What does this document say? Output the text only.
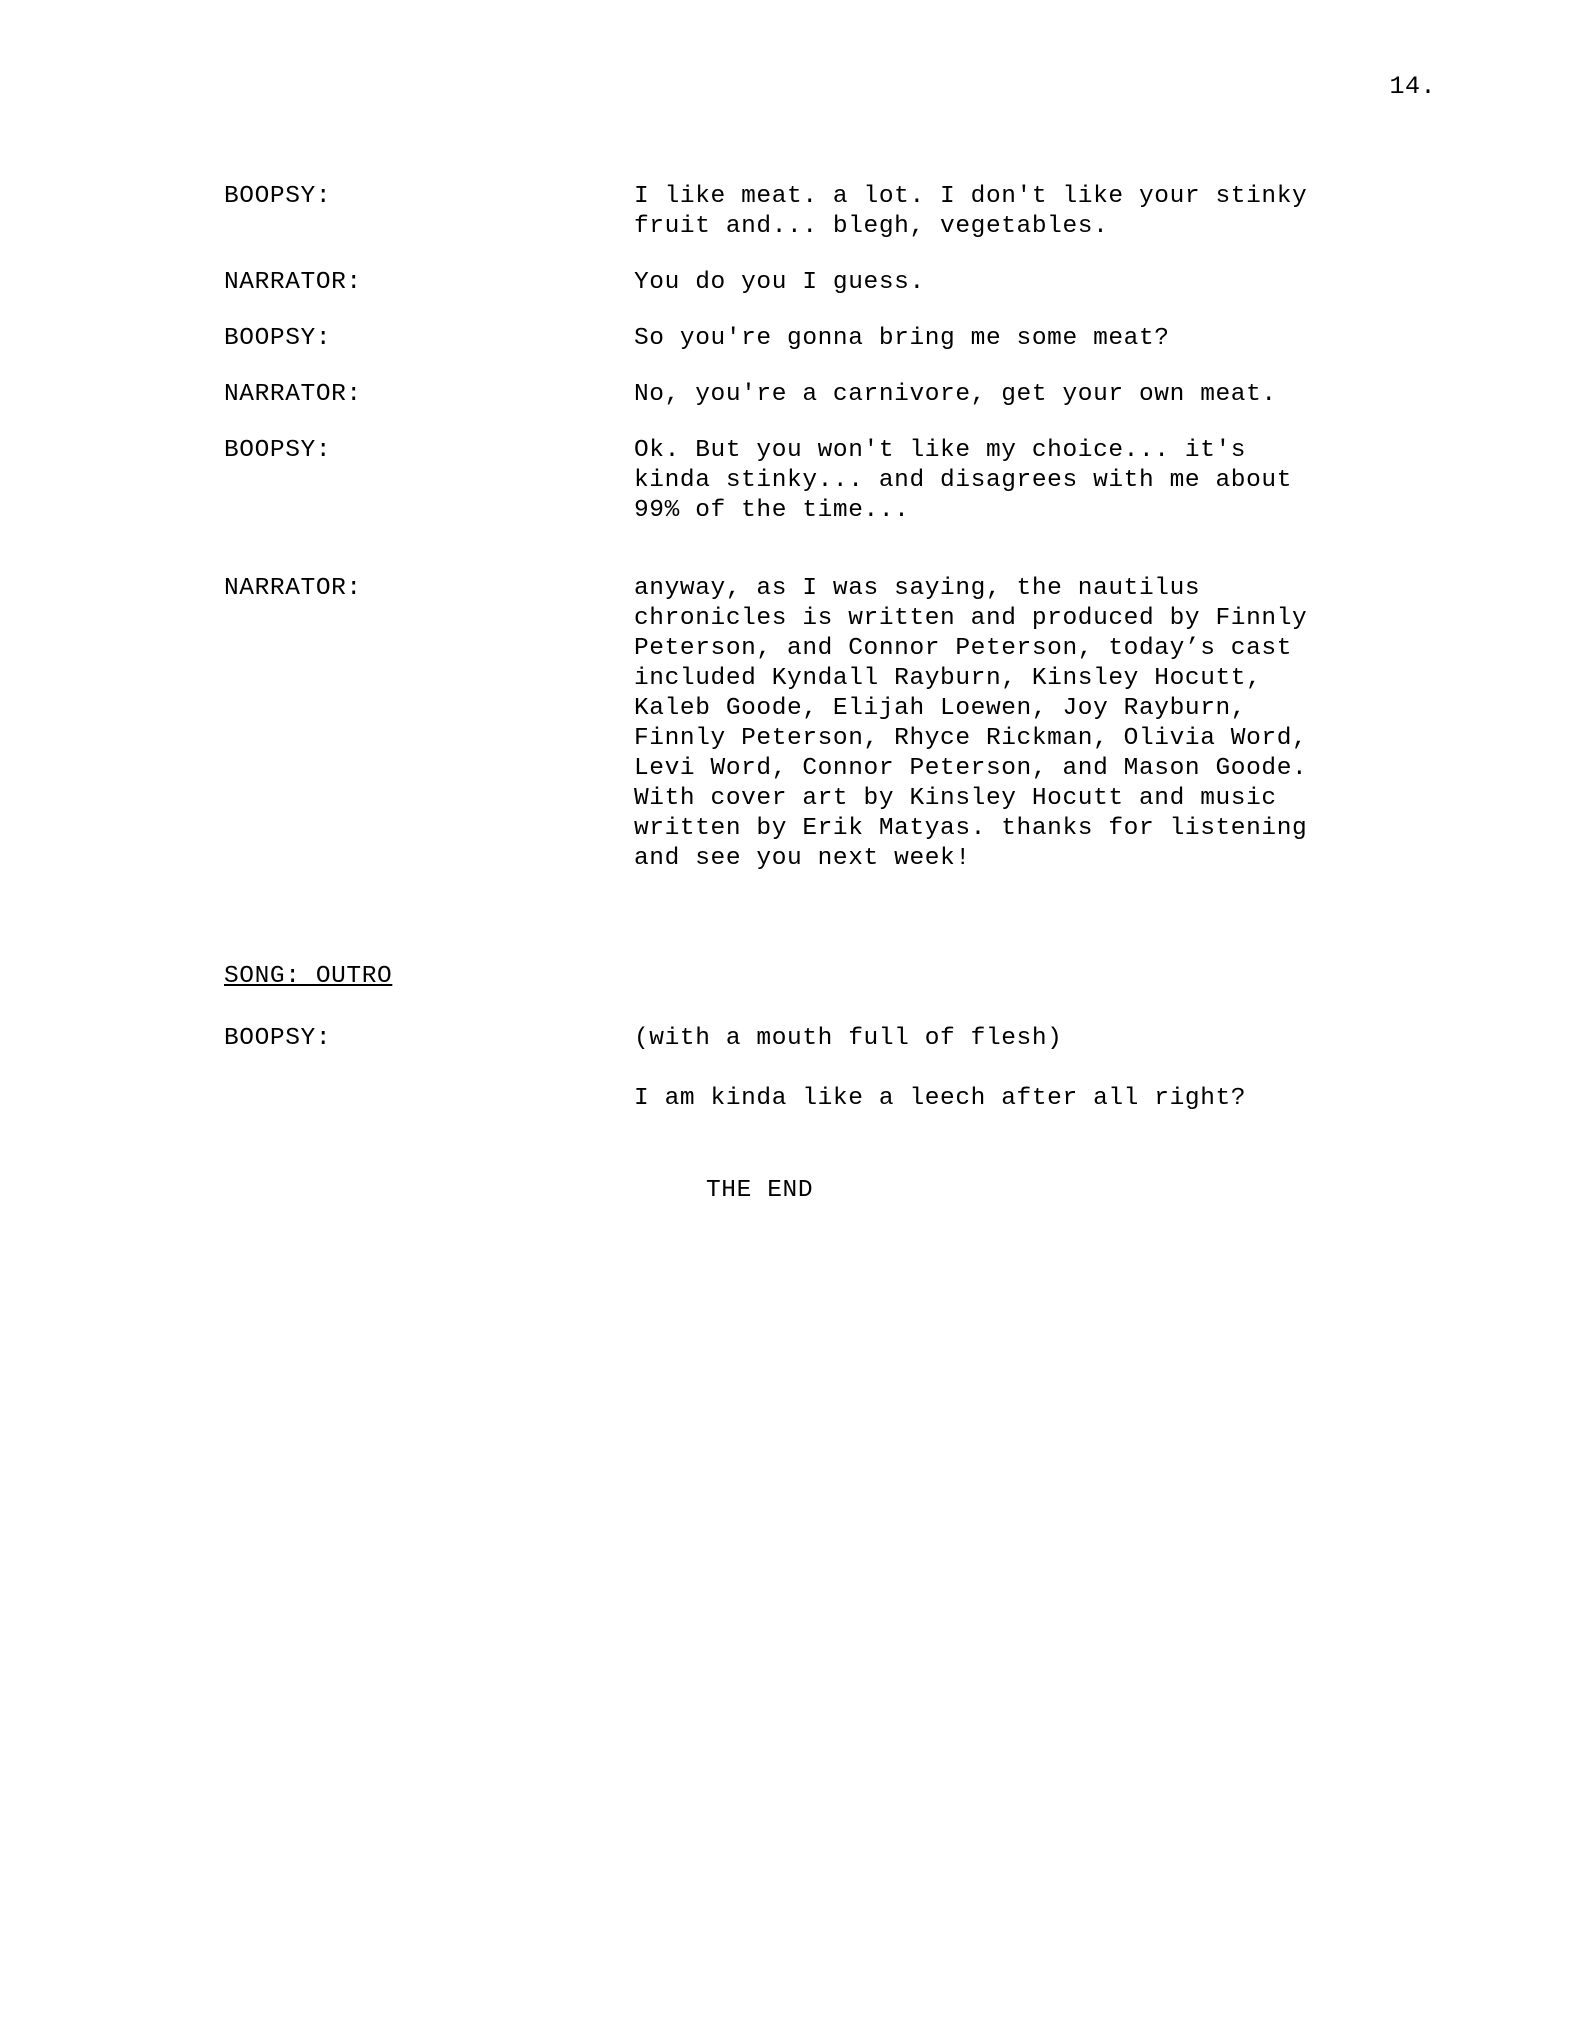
14.
BOOPSY:	I like meat. a lot. I don't like your stinky fruit and... blegh, vegetables.

NARRATOR:	You do you I guess.

BOOPSY:	So you're gonna bring me some meat?

NARRATOR:	No, you're a carnivore, get your own meat.

BOOPSY:	Ok. But you won't like my choice... it's kinda stinky... and disagrees with me about 99% of the time...

NARRATOR:	anyway, as I was saying, the nautilus chronicles is written and produced by Finnly Peterson, and Connor Peterson, today’s cast included Kyndall Rayburn, Kinsley Hocutt, Kaleb Goode, Elijah Loewen, Joy Rayburn, Finnly Peterson, Rhyce Rickman, Olivia Word, Levi Word, Connor Peterson, and Mason Goode. With cover art by Kinsley Hocutt and music written by Erik Matyas. thanks for listening and see you next week!

SONG: OUTRO
BOOPSY:	(with a mouth full of flesh)

I am kinda like a leech after all right?

THE END
